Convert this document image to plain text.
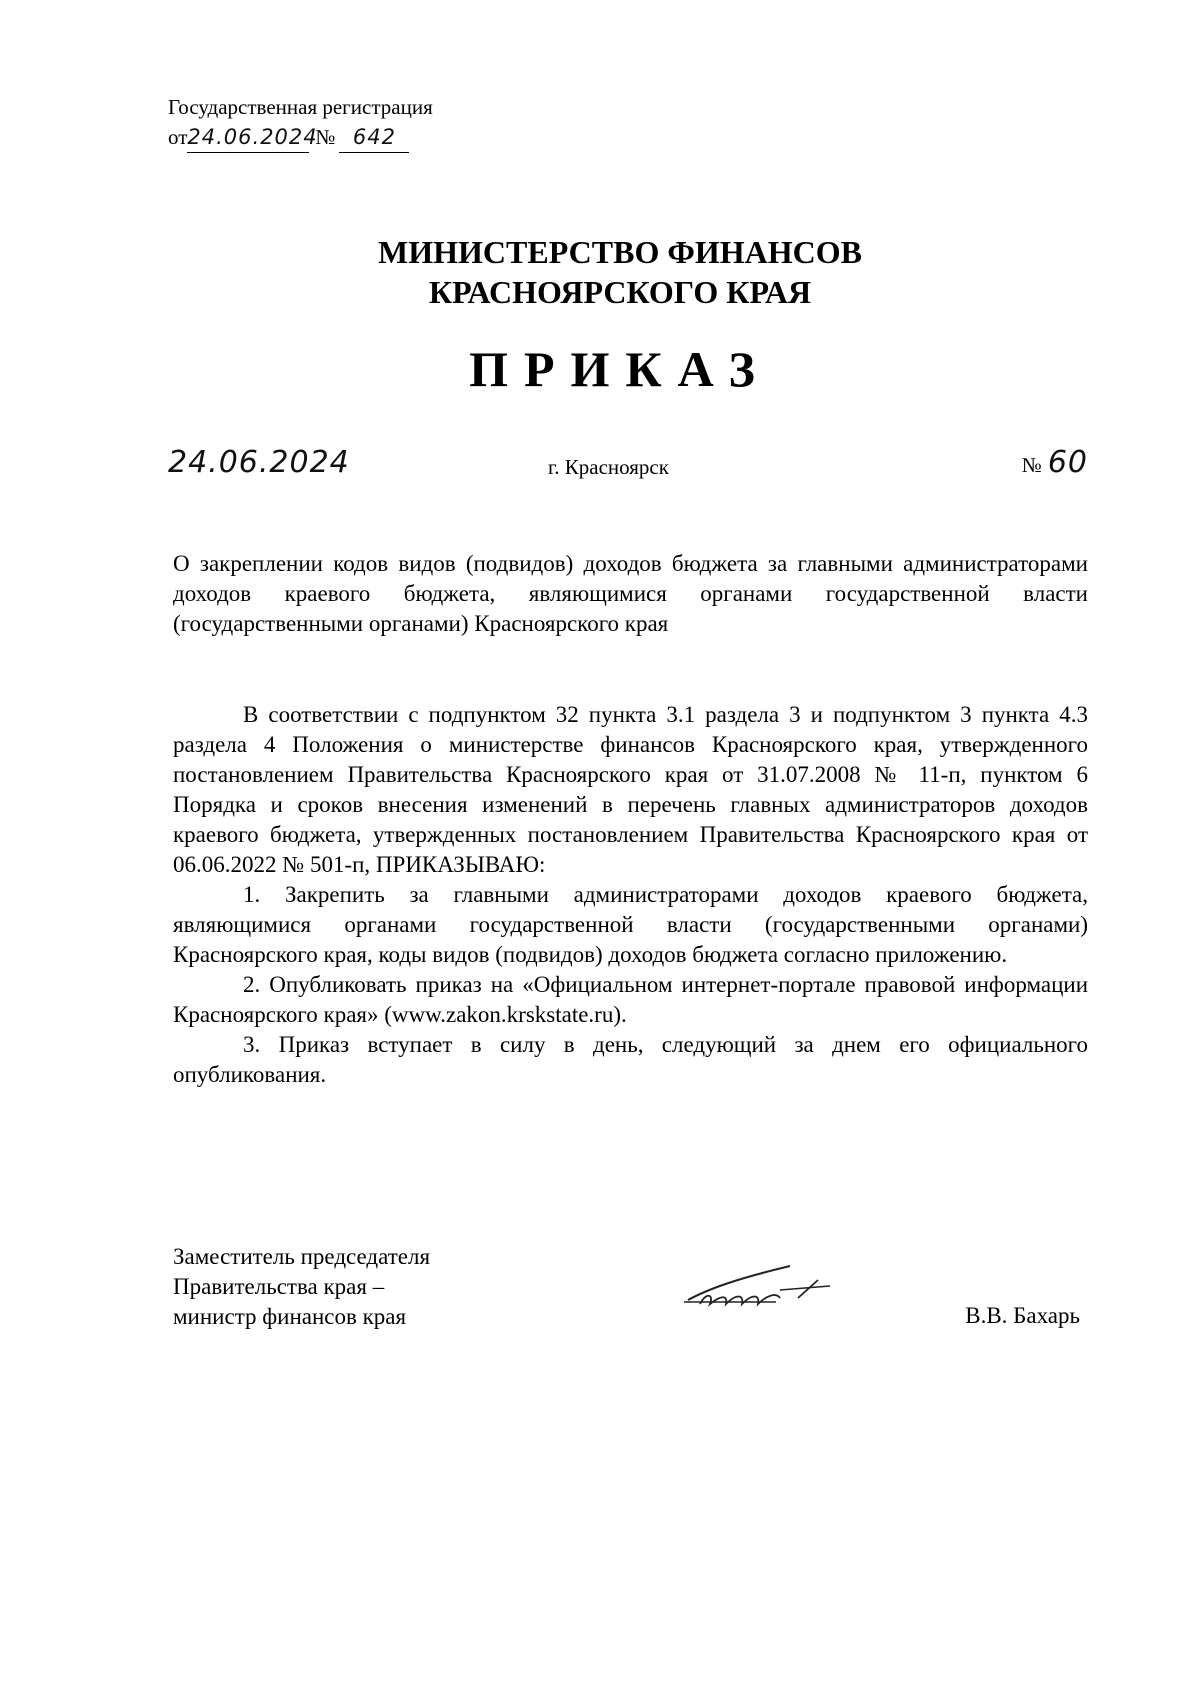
Государственная регистрация
от 24.06.2024
№ 642
МИНИСТЕРСТВО ФИНАНСОВ
КРАСНОЯРСКОГО КРАЯ
ПРИКАЗ
24.06.2024	г. Красноярск	№ 60
О закреплении кодов видов (подвидов) доходов бюджета за главными администраторами доходов краевого бюджета, являющимися органами государственной власти (государственными органами) Красноярского края

В соответствии с подпунктом 32 пункта 3.1 раздела 3 и подпунктом 3 пункта 4.3 раздела 4 Положения о министерстве финансов Красноярского края, утвержденного постановлением Правительства Красноярского края от 31.07.2008 № 11-п, пунктом 6 Порядка и сроков внесения изменений в перечень главных администраторов доходов краевого бюджета, утвержденных постановлением Правительства Красноярского края от 06.06.2022 № 501-п, ПРИКАЗЫВАЮ:

1. Закрепить за главными администраторами доходов краевого бюджета, являющимися органами государственной власти (государственными органами) Красноярского края, коды видов (подвидов) доходов бюджета согласно приложению.

2. Опубликовать приказ на «Официальном интернет-портале правовой информации Красноярского края» (www.zakon.krskstate.ru).

3. Приказ вступает в силу в день, следующий за днем его официального опубликования.

Заместитель председателя
Правительства края –
министр финансов края	В.В. Бахарь
